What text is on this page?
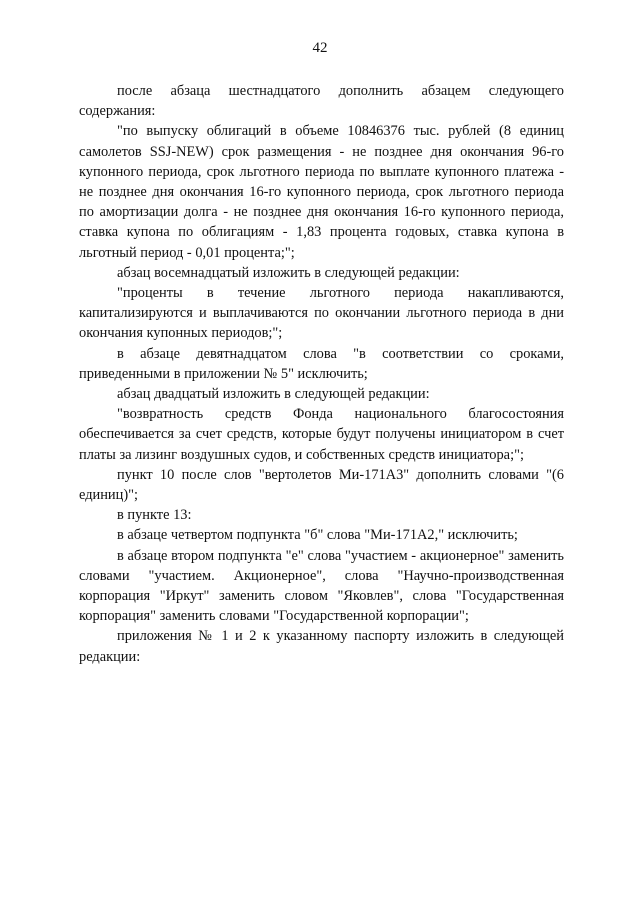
42

после абзаца шестнадцатого дополнить абзацем следующего содержания:

"по выпуску облигаций в объеме 10846376 тыс. рублей (8 единиц самолетов SSJ-NEW) срок размещения - не позднее дня окончания 96-го купонного периода, срок льготного периода по выплате купонного платежа - не позднее дня окончания 16-го купонного периода, срок льготного периода по амортизации долга - не позднее дня окончания 16-го купонного периода, ставка купона по облигациям - 1,83 процента годовых, ставка купона в льготный период - 0,01 процента;";

абзац восемнадцатый изложить в следующей редакции:

"проценты в течение льготного периода накапливаются, капитализируются и выплачиваются по окончании льготного периода в дни окончания купонных периодов;";

в абзаце девятнадцатом слова "в соответствии со сроками, приведенными в приложении № 5" исключить;

абзац двадцатый изложить в следующей редакции:

"возвратность средств Фонда национального благосостояния обеспечивается за счет средств, которые будут получены инициатором в счет платы за лизинг воздушных судов, и собственных средств инициатора;";

пункт 10 после слов "вертолетов Ми-171А3" дополнить словами "(6 единиц)";

в пункте 13:

в абзаце четвертом подпункта "б" слова "Ми-171А2," исключить;

в абзаце втором подпункта "е" слова "участием - акционерное" заменить словами "участием. Акционерное", слова "Научно-производственная корпорация "Иркут" заменить словом "Яковлев", слова "Государственная корпорация" заменить словами "Государственной корпорации";

приложения № 1 и 2 к указанному паспорту изложить в следующей редакции:
